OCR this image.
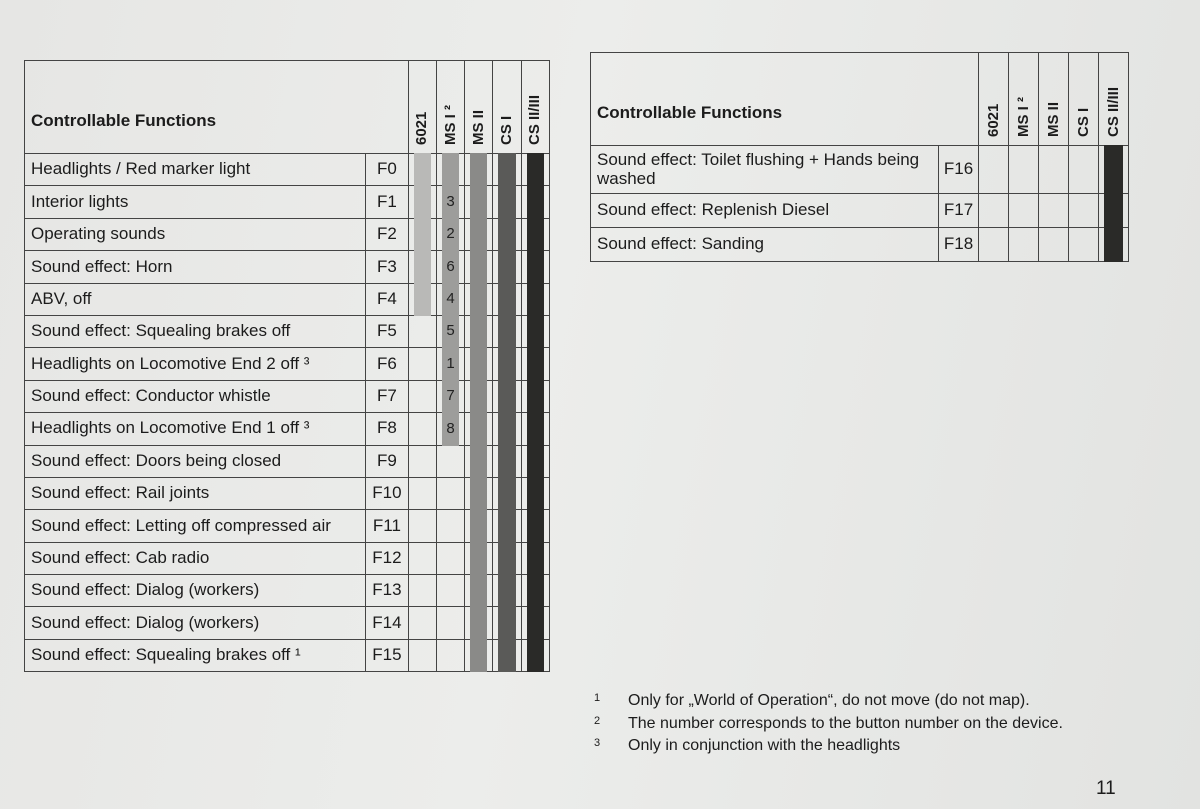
Controllable Functions		6021	MS I ²	MS II	CS I	CS II/III

Headlights / Red marker light	F0	

Interior lights	F1		3	

Operating sounds	F2		2	

Sound effect: Horn	F3		6	

ABV, off	F4		4	

Sound effect: Squealing brakes off	F5		5	

Headlights on Locomotive End 2 off ³	F6		1	

Sound effect: Conductor whistle	F7		7	

Headlights on Locomotive End 1 off ³	F8		8	

Sound effect: Doors being closed	F9			

Sound effect: Rail joints	F10			

Sound effect: Letting off compressed air	F11			

Sound effect: Cab radio	F12			

Sound effect: Dialog (workers)	F13			

Sound effect: Dialog (workers)	F14			

Sound effect: Squealing brakes off ¹	F15			

Controllable Functions		6021	MS I ²	MS II	CS I	CS II/III

Sound effect: Toilet flushing + Hands being washed	F16					

Sound effect: Replenish Diesel	F17					

Sound effect: Sanding	F18					
1	Only for „World of Operation“, do not move (do not map).
2	The number corresponds to the button number on the device.
3	Only in conjunction with the headlights
11
